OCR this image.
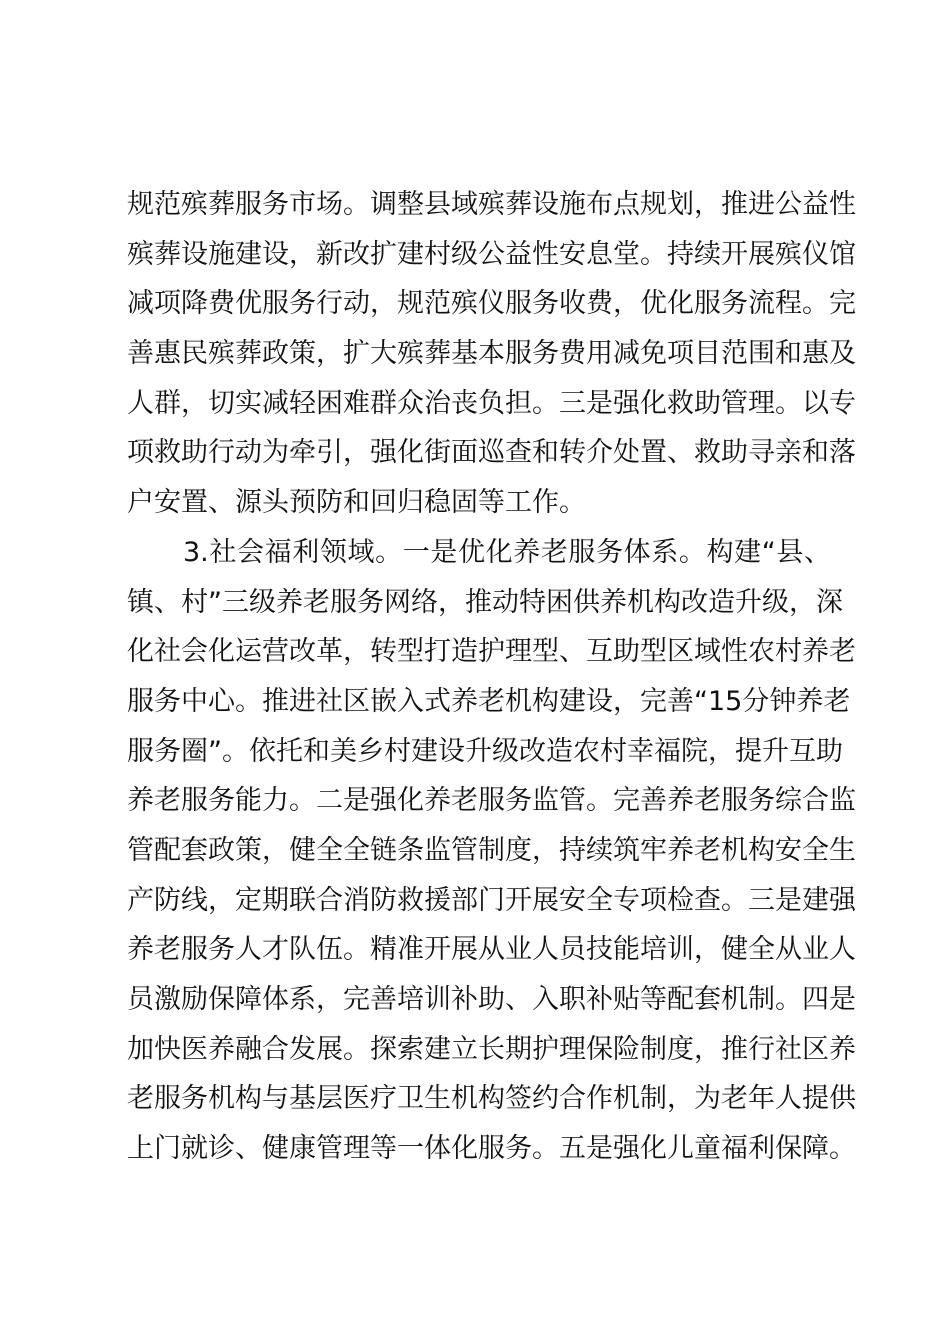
规范殡葬服务市场。调整县域殡葬设施布点规划，推进公益性
殡葬设施建设，新改扩建村级公益性安息堂。持续开展殡仪馆
减项降费优服务行动，规范殡仪服务收费，优化服务流程。完
善惠民殡葬政策，扩大殡葬基本服务费用减免项目范围和惠及
人群，切实减轻困难群众治丧负担。三是强化救助管理。以专
项救助行动为牵引，强化街面巡查和转介处置、救助寻亲和落
户安置、源头预防和回归稳固等工作。
3.社会福利领域。一是优化养老服务体系。构建“县、
镇、村”三级养老服务网络，推动特困供养机构改造升级，深
化社会化运营改革，转型打造护理型、互助型区域性农村养老
服务中心。推进社区嵌入式养老机构建设，完善“15分钟养老
服务圈”。依托和美乡村建设升级改造农村幸福院，提升互助
养老服务能力。二是强化养老服务监管。完善养老服务综合监
管配套政策，健全全链条监管制度，持续筑牢养老机构安全生
产防线，定期联合消防救援部门开展安全专项检查。三是建强
养老服务人才队伍。精准开展从业人员技能培训，健全从业人
员激励保障体系，完善培训补助、入职补贴等配套机制。四是
加快医养融合发展。探索建立长期护理保险制度，推行社区养
老服务机构与基层医疗卫生机构签约合作机制，为老年人提供
上门就诊、健康管理等一体化服务。五是强化儿童福利保障。
